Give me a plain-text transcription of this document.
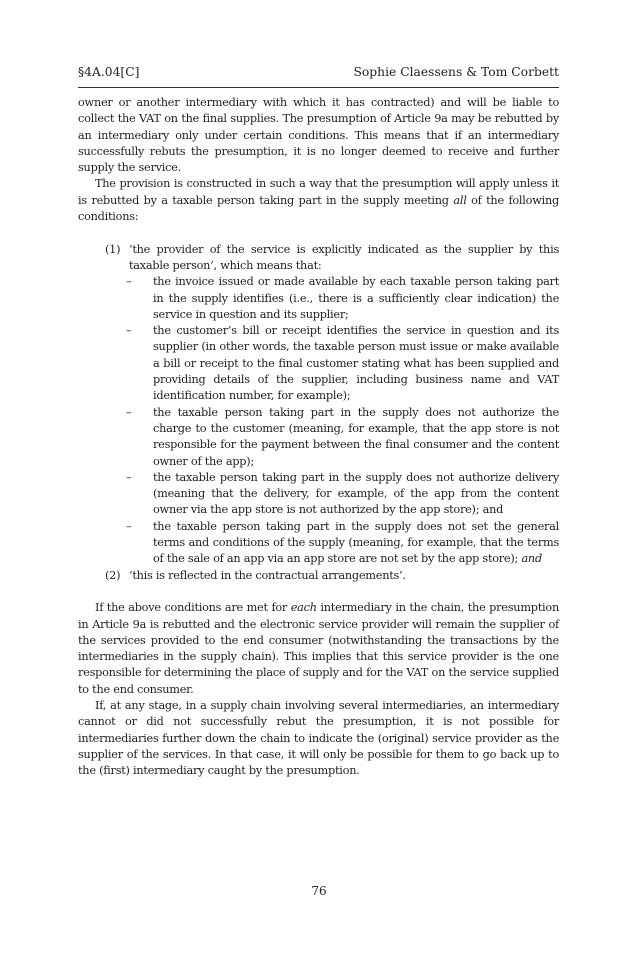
§4A.04[C]	Sophie Claessens & Tom Corbett

owner or another intermediary with which it has contracted) and will be liable to collect the VAT on the final supplies. The presumption of Article 9a may be rebutted by an intermediary only under certain conditions. This means that if an intermediary successfully rebuts the presumption, it is no longer deemed to receive and further supply the service.

The provision is constructed in such a way that the presumption will apply unless it is rebutted by a taxable person taking part in the supply meeting all of the following conditions:

(1) ‘the provider of the service is explicitly indicated as the supplier by this taxable person’, which means that:
–	the invoice issued or made available by each taxable person taking part in the supply identifies (i.e., there is a sufficiently clear indication) the service in question and its supplier;
–	the customer’s bill or receipt identifies the service in question and its supplier (in other words, the taxable person must issue or make available a bill or receipt to the final customer stating what has been supplied and providing details of the supplier, including business name and VAT identification number, for example);
–	the taxable person taking part in the supply does not authorize the charge to the customer (meaning, for example, that the app store is not responsible for the payment between the final consumer and the content owner of the app);
–	the taxable person taking part in the supply does not authorize delivery (meaning that the delivery, for example, of the app from the content owner via the app store is not authorized by the app store); and
–	the taxable person taking part in the supply does not set the general terms and conditions of the supply (meaning, for example, that the terms of the sale of an app via an app store are not set by the app store); and
(2) ‘this is reflected in the contractual arrangements’.

If the above conditions are met for each intermediary in the chain, the presumption in Article 9a is rebutted and the electronic service provider will remain the supplier of the services provided to the end consumer (notwithstanding the transactions by the intermediaries in the supply chain). This implies that this service provider is the one responsible for determining the place of supply and for the VAT on the service supplied to the end consumer.

If, at any stage, in a supply chain involving several intermediaries, an intermediary cannot or did not successfully rebut the presumption, it is not possible for intermediaries further down the chain to indicate the (original) service provider as the supplier of the services. In that case, it will only be possible for them to go back up to the (first) intermediary caught by the presumption.

76
